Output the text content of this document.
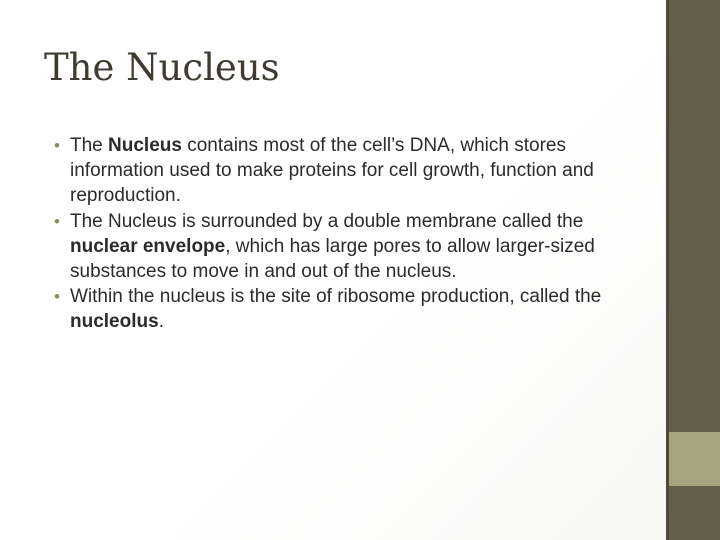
The Nucleus
• The Nucleus contains most of the cell’s DNA, which stores information used to make proteins for cell growth, function and reproduction.
• The Nucleus is surrounded by a double membrane called the nuclear envelope, which has large pores to allow larger-sized substances to move in and out of the nucleus.
• Within the nucleus is the site of ribosome production, called the nucleolus.
